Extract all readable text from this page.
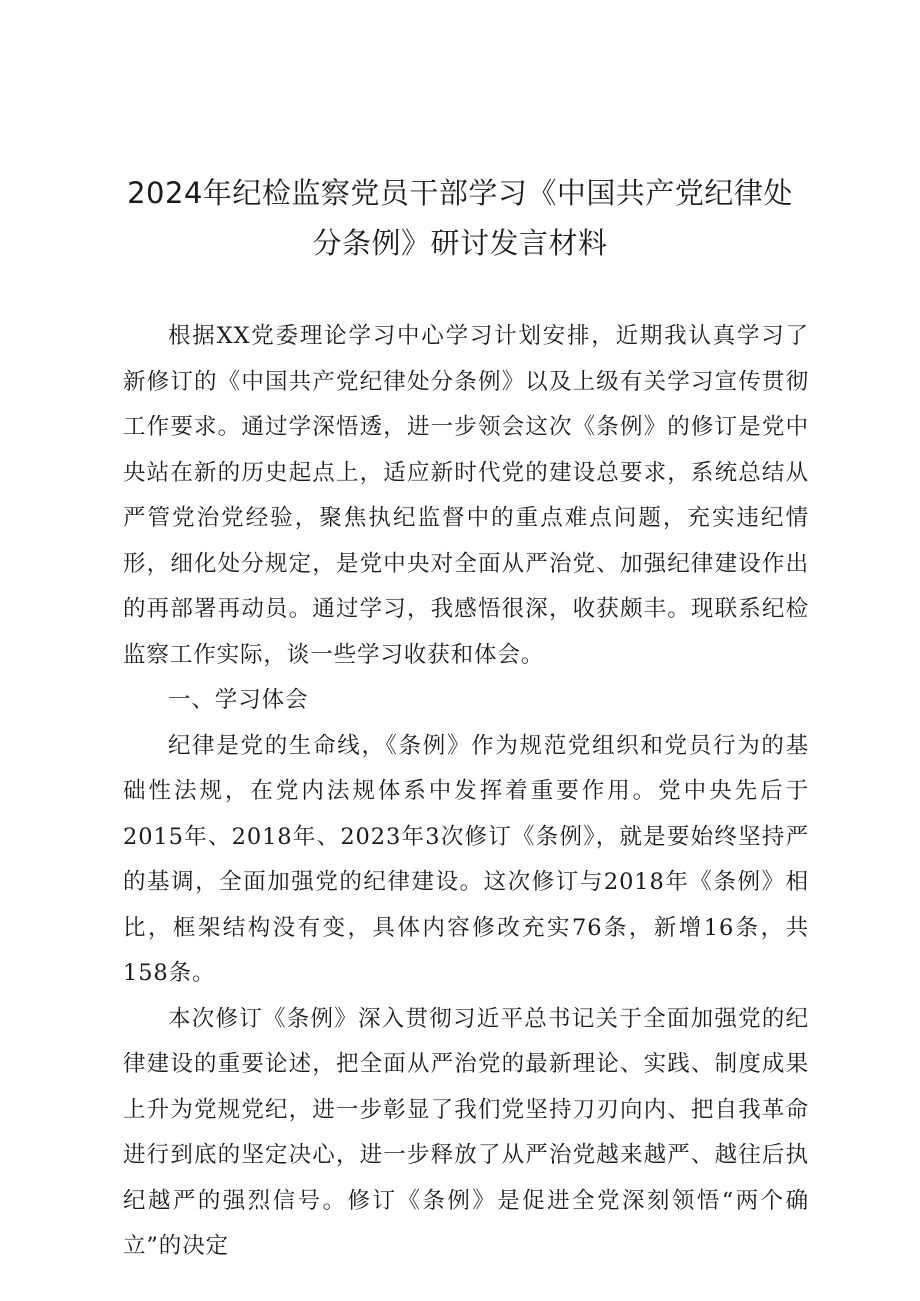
2024年纪检监察党员干部学习《中国共产党纪律处分条例》研讨发言材料

根据XX党委理论学习中心学习计划安排，近期我认真学习了新修订的《中国共产党纪律处分条例》以及上级有关学习宣传贯彻工作要求。通过学深悟透，进一步领会这次《条例》的修订是党中央站在新的历史起点上，适应新时代党的建设总要求，系统总结从严管党治党经验，聚焦执纪监督中的重点难点问题，充实违纪情形，细化处分规定，是党中央对全面从严治党、加强纪律建设作出的再部署再动员。通过学习，我感悟很深，收获颇丰。现联系纪检监察工作实际，谈一些学习收获和体会。

一、学习体会

纪律是党的生命线，《条例》作为规范党组织和党员行为的基础性法规，在党内法规体系中发挥着重要作用。党中央先后于2015年、2018年、2023年3次修订《条例》，就是要始终坚持严的基调，全面加强党的纪律建设。这次修订与2018年《条例》相比，框架结构没有变，具体内容修改充实76条，新增16条，共158条。

本次修订《条例》深入贯彻习近平总书记关于全面加强党的纪律建设的重要论述，把全面从严治党的最新理论、实践、制度成果上升为党规党纪，进一步彰显了我们党坚持刀刃向内、把自我革命进行到底的坚定决心，进一步释放了从严治党越来越严、越往后执纪越严的强烈信号。修订《条例》是促进全党深刻领悟“两个确立”的决定
